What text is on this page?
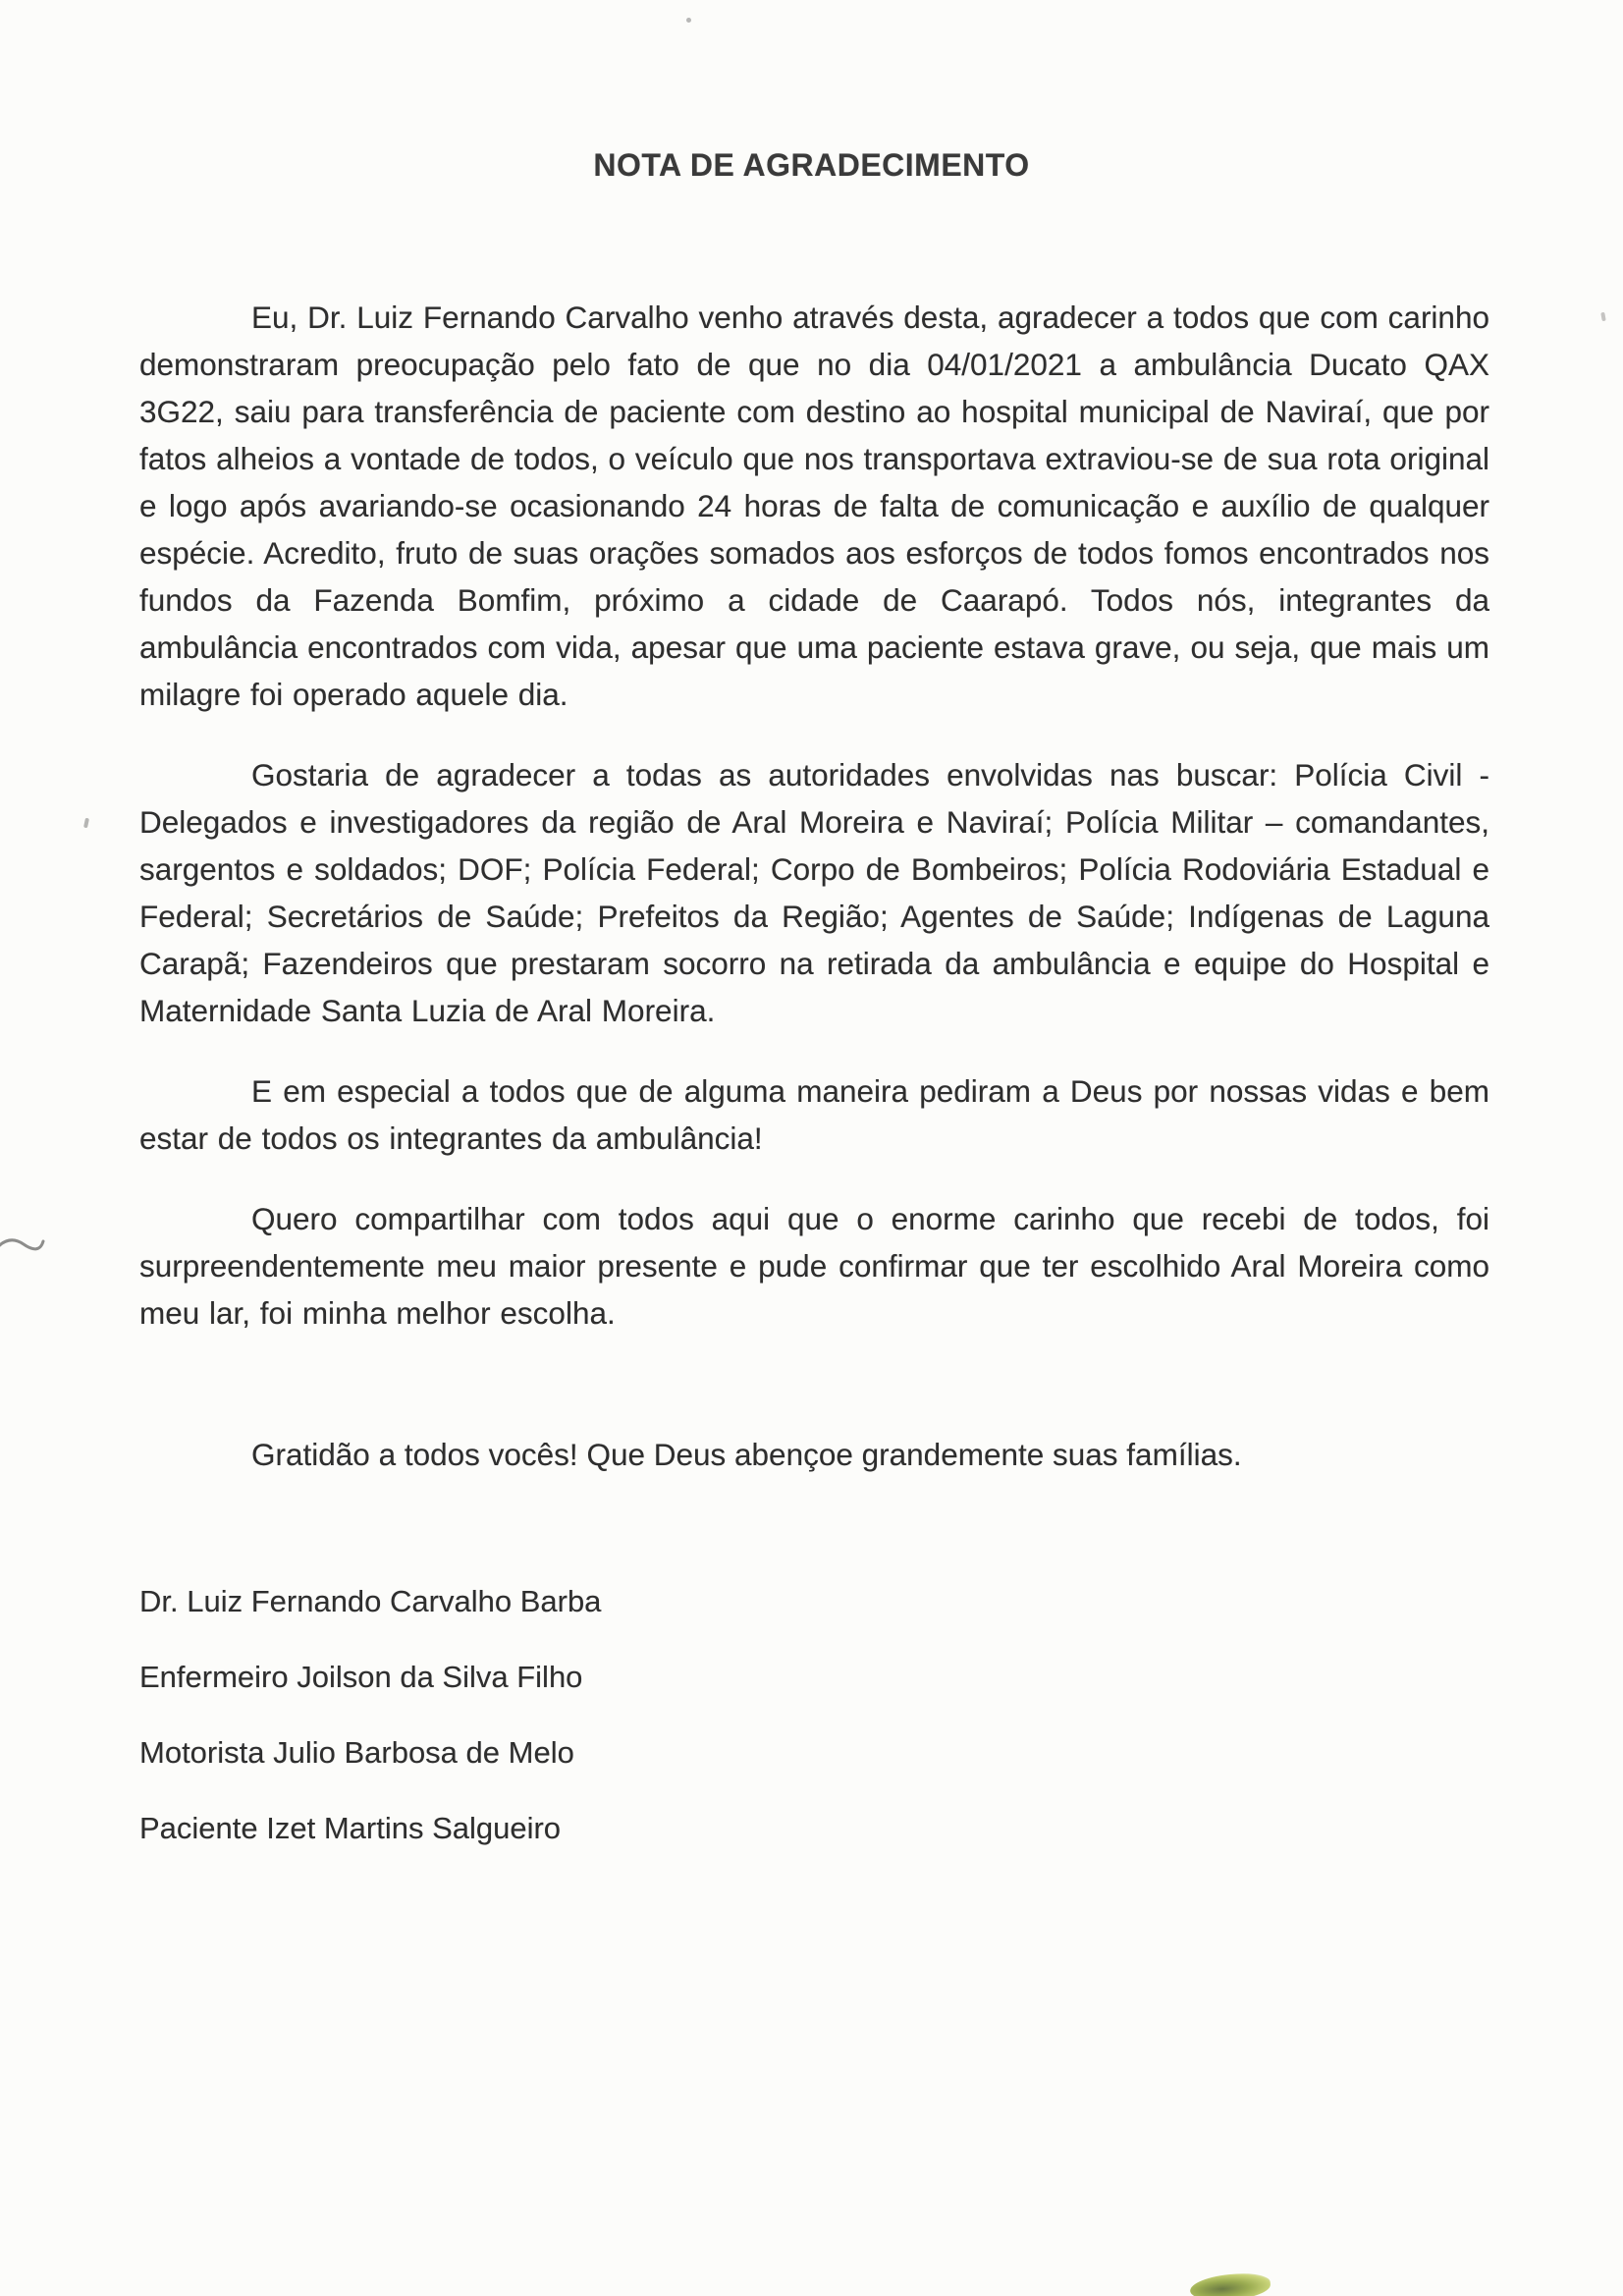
NOTA DE AGRADECIMENTO

Eu, Dr. Luiz Fernando Carvalho venho através desta, agradecer a todos que com carinho demonstraram preocupação pelo fato de que no dia 04/01/2021 a ambulância Ducato QAX 3G22, saiu para transferência de paciente com destino ao hospital municipal de Naviraí, que por fatos alheios a vontade de todos, o veículo que nos transportava extraviou-se de sua rota original e logo após avariando-se ocasionando 24 horas de falta de comunicação e auxílio de qualquer espécie. Acredito, fruto de suas orações somados aos esforços de todos fomos encontrados nos fundos da Fazenda Bomfim, próximo a cidade de Caarapó. Todos nós, integrantes da ambulância encontrados com vida, apesar que uma paciente estava grave, ou seja, que mais um milagre foi operado aquele dia.

Gostaria de agradecer a todas as autoridades envolvidas nas buscar: Polícia Civil - Delegados e investigadores da região de Aral Moreira e Naviraí; Polícia Militar – comandantes, sargentos e soldados; DOF; Polícia Federal; Corpo de Bombeiros; Polícia Rodoviária Estadual e Federal; Secretários de Saúde; Prefeitos da Região; Agentes de Saúde; Indígenas de Laguna Carapã; Fazendeiros que prestaram socorro na retirada da ambulância e equipe do Hospital e Maternidade Santa Luzia de Aral Moreira.

E em especial a todos que de alguma maneira pediram a Deus por nossas vidas e bem estar de todos os integrantes da ambulância!

Quero compartilhar com todos aqui que o enorme carinho que recebi de todos, foi surpreendentemente meu maior presente e pude confirmar que ter escolhido Aral Moreira como meu lar, foi minha melhor escolha.

Gratidão a todos vocês! Que Deus abençoe grandemente suas famílias.

Dr. Luiz Fernando Carvalho Barba

Enfermeiro Joilson da Silva Filho

Motorista Julio Barbosa de Melo

Paciente Izet Martins Salgueiro
